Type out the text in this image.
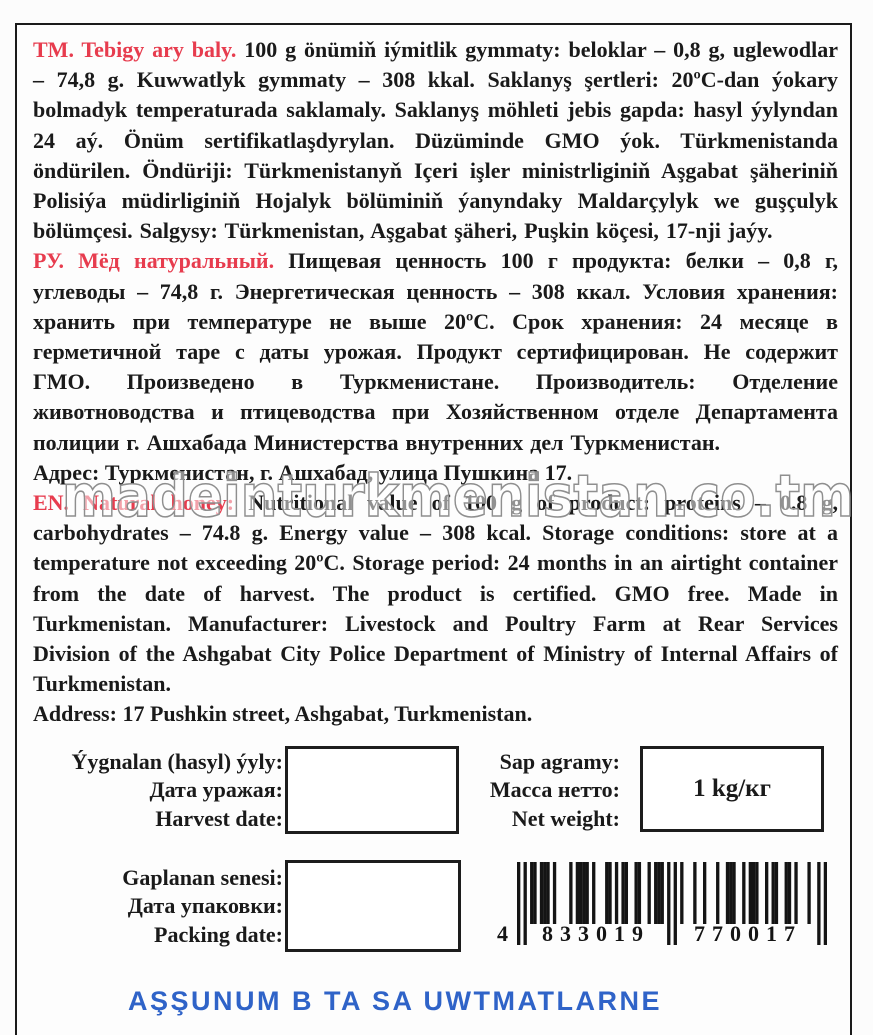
TM. Tebigy ary baly. 100 g önümiň iýmitlik gymmaty: beloklar – 0,8 g, uglewodlar – 74,8 g. Kuwwatlyk gymmaty – 308 kkal. Saklanyş şertleri: 20ºC-dan ýokary bolmadyk temperaturada saklamaly. Saklanyş möhleti jebis gapda: hasyl ýylyndan 24 aý. Önüm sertifikatlaşdyrylan. Düzüminde GMO ýok. Türkmenistanda öndürilen. Öndüriji: Türkmenistanyň Içeri işler ministrliginiň Aşgabat şäheriniň Polisiýa müdirliginiň Hojalyk bölüminiň ýanyndaky Maldarçylyk we guşçulyk bölümçesi. Salgysy: Türkmenistan, Aşgabat şäheri, Puşkin köçesi, 17-nji jaýy.

РУ. Мёд натуральный. Пищевая ценность 100 г продукта: белки – 0,8 г, углеводы – 74,8 г. Энергетическая ценность – 308 ккал. Условия хранения: хранить при температуре не выше 20ºС. Срок хранения: 24 месяце в герметичной таре с даты урожая. Продукт сертифицирован. Не содержит ГМО. Произведено в Туркменистане. Производитель: Отделение животноводства и птицеводства при Хозяйственном отделе Департамента полиции г. Ашхабада Министерства внутренних дел Туркменистан.

Адрес: Туркменистан, г. Ашхабад, улица Пушкина 17.

EN. Natural honey: Nutritional value of 100 g of product: proteins – 0.8 g, carbohydrates – 74.8 g. Energy value – 308 kcal. Storage conditions: store at a temperature not exceeding 20ºC. Storage period: 24 months in an airtight container from the date of harvest. The product is certified. GMO free. Made in Turkmenistan. Manufacturer: Livestock and Poultry Farm at Rear Services Division of the Ashgabat City Police Department of Ministry of Internal Affairs of Turkmenistan.

Address: 17 Pushkin street, Ashgabat, Turkmenistan.

Ýygnalan (hasyl) ýyly:
Дата уражая:
Harvest date:
Sap agramy:
Масса нетто:
Net weight:
1 kg/кг
Gaplanan senesi:
Дата упаковки:
Packing date:	4	833019	770017
madeinturkmenistan.co.tm
AŞŞUNUM B TA SA UWTMATLARNE
